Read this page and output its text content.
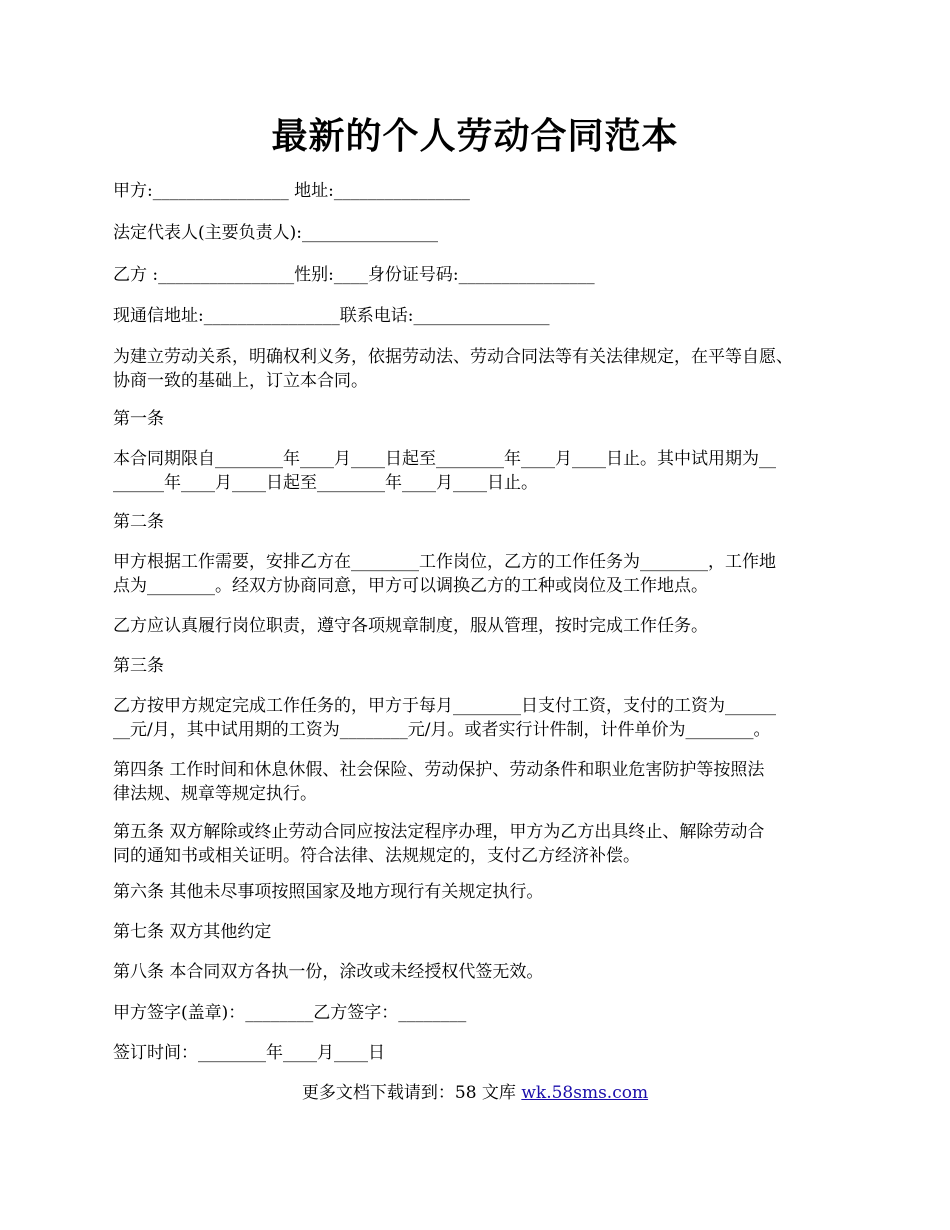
最新的个人劳动合同范本

甲方:________________ 地址:________________

法定代表人(主要负责人):________________

乙方 :________________性别:____身份证号码:________________

现通信地址:________________联系电话:________________

为建立劳动关系，明确权利义务，依据劳动法、劳动合同法等有关法律规定，在平等自愿、
协商一致的基础上，订立本合同。

第一条

本合同期限自________年____月____日起至________年____月____日止。其中试用期为__
______年____月____日起至________年____月____日止。

第二条

甲方根据工作需要，安排乙方在________工作岗位，乙方的工作任务为________，工作地
点为________。经双方协商同意，甲方可以调换乙方的工种或岗位及工作地点。

乙方应认真履行岗位职责，遵守各项规章制度，服从管理，按时完成工作任务。

第三条

乙方按甲方规定完成工作任务的，甲方于每月________日支付工资，支付的工资为______
__元/月，其中试用期的工资为________元/月。或者实行计件制，计件单价为________。
第四条 工作时间和休息休假、社会保险、劳动保护、劳动条件和职业危害防护等按照法
律法规、规章等规定执行。
第五条 双方解除或终止劳动合同应按法定程序办理，甲方为乙方出具终止、解除劳动合
同的通知书或相关证明。符合法律、法规规定的，支付乙方经济补偿。

第六条 其他未尽事项按照国家及地方现行有关规定执行。

第七条 双方其他约定

第八条 本合同双方各执一份，涂改或未经授权代签无效。

甲方签字(盖章)：________乙方签字：________

签订时间：________年____月____日

更多文档下载请到：58 文库 wk.58sms.com
